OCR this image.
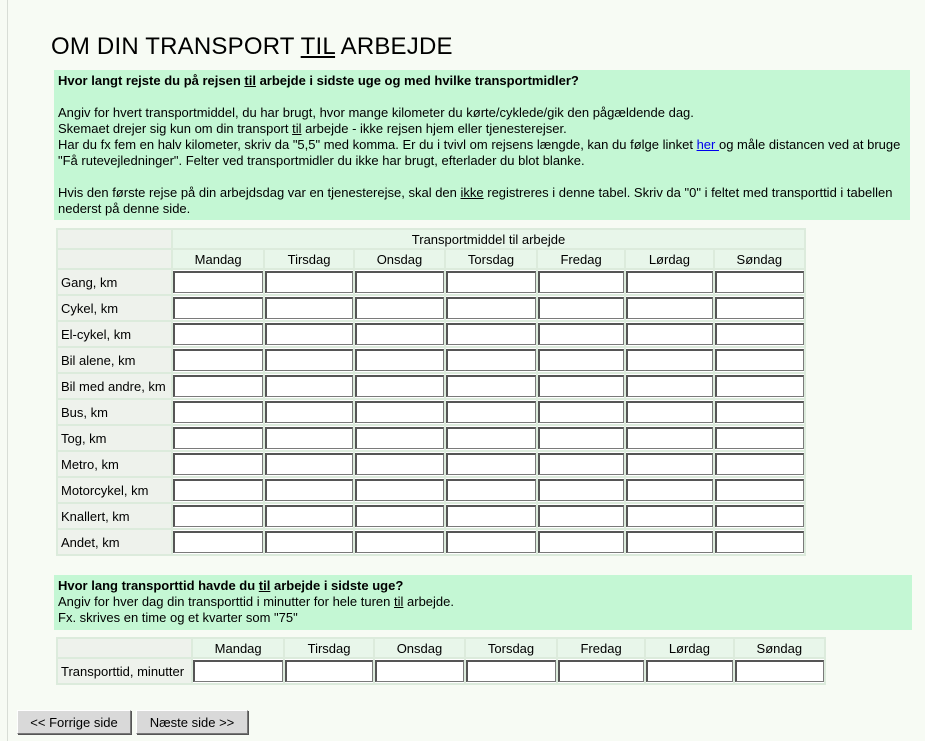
OM DIN TRANSPORT TIL ARBEJDE

Hvor langt rejste du på rejsen til arbejde i sidste uge og med hvilke transportmidler?

Angiv for hvert transportmiddel, du har brugt, hvor mange kilometer du kørte/cyklede/gik den pågældende dag.

Skemaet drejer sig kun om din transport til arbejde - ikke rejsen hjem eller tjenesterejser.

Har du fx fem en halv kilometer, skriv da "5,5" med komma. Er du i tvivl om rejsens længde, kan du følge linket her og måle distancen ved at bruge "Få rutevejledninger". Felter ved transportmidler du ikke har brugt, efterlader du blot blanke.

Hvis den første rejse på din arbejdsdag var en tjenesterejse, skal den ikke registreres i denne tabel. Skriv da "0" i feltet med transporttid i tabellen nederst på denne side.

	Transportmiddel til arbejde						
	Mandag	Tirsdag	Onsdag	Torsdag	Fredag	Lørdag	Søndag
Gang, km	

Cykel, km	

El-cykel, km	

Bil alene, km	

Bil med andre, km	

Bus, km	

Tog, km	

Metro, km	

Motorcykel, km	

Knallert, km	

Andet, km	

Hvor lang transporttid havde du til arbejde i sidste uge?

Angiv for hver dag din transporttid i minutter for hele turen til arbejde.

Fx. skrives en time og et kvarter som "75"

	Mandag	Tirsdag	Onsdag	Torsdag	Fredag	Lørdag	Søndag
Transporttid, minutter	

<< Forrige side	Næste side >>
